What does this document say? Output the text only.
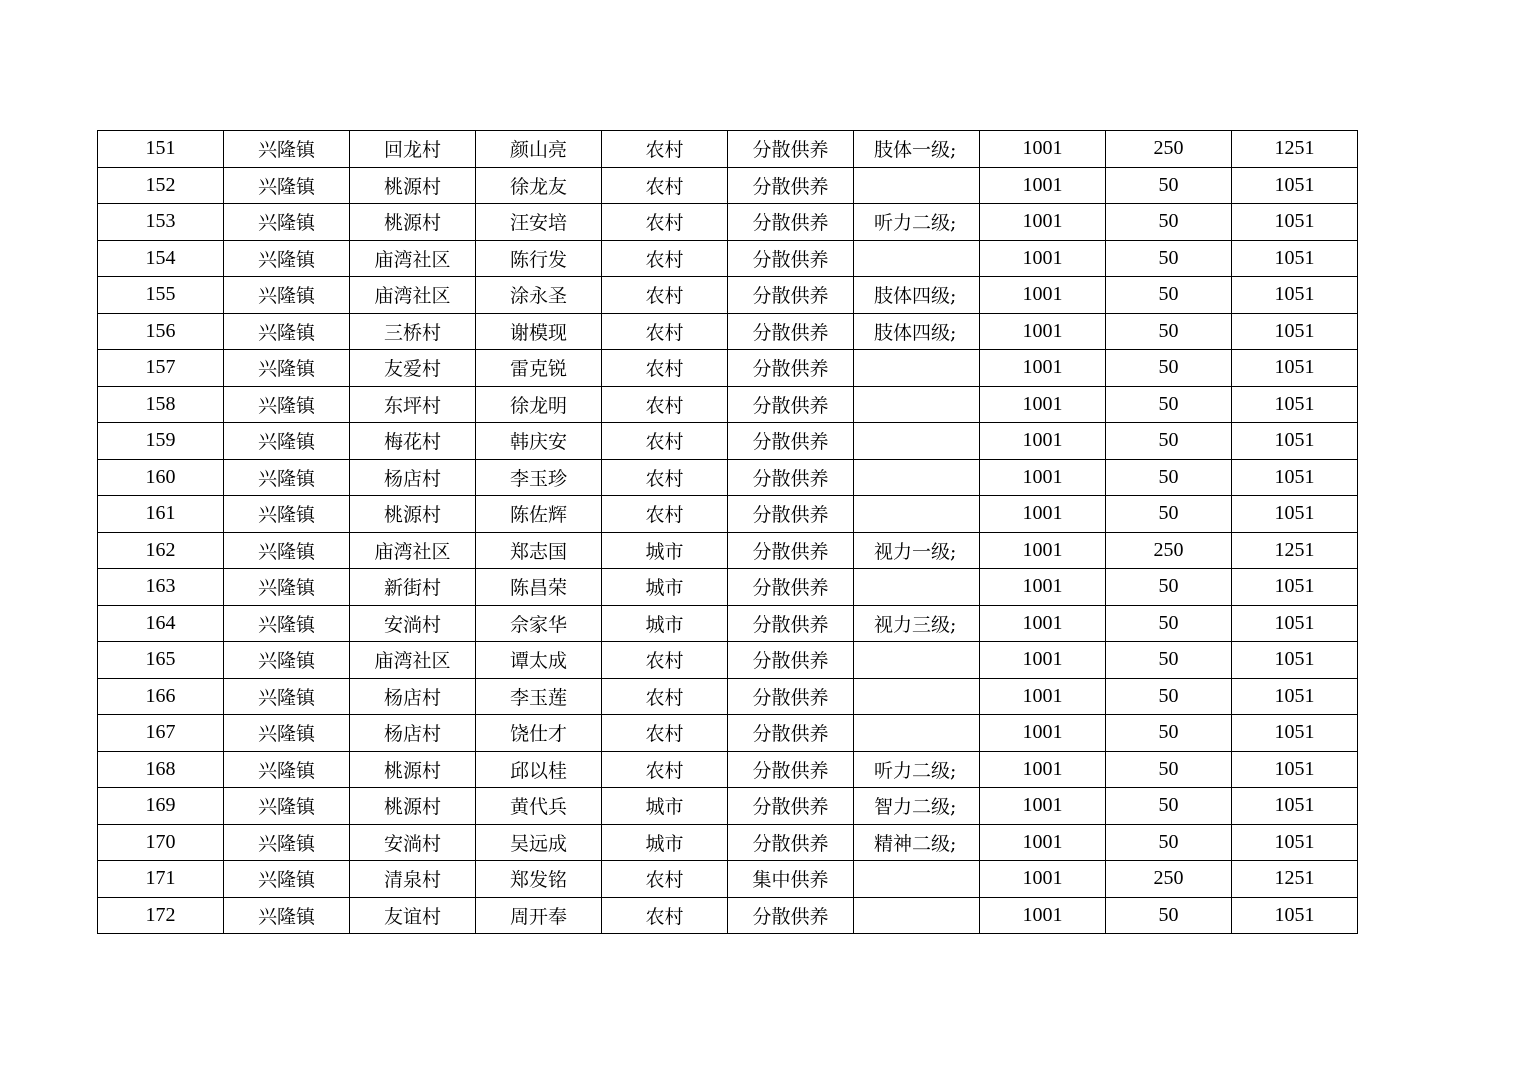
151	兴隆镇	回龙村	颜山亮	农村	分散供养	肢体一级;	1001	250	1251
152	兴隆镇	桃源村	徐龙友	农村	分散供养		1001	50	1051
153	兴隆镇	桃源村	汪安培	农村	分散供养	听力二级;	1001	50	1051
154	兴隆镇	庙湾社区	陈行发	农村	分散供养		1001	50	1051
155	兴隆镇	庙湾社区	涂永圣	农村	分散供养	肢体四级;	1001	50	1051
156	兴隆镇	三桥村	谢模现	农村	分散供养	肢体四级;	1001	50	1051
157	兴隆镇	友爱村	雷克锐	农村	分散供养		1001	50	1051
158	兴隆镇	东坪村	徐龙明	农村	分散供养		1001	50	1051
159	兴隆镇	梅花村	韩庆安	农村	分散供养		1001	50	1051
160	兴隆镇	杨店村	李玉珍	农村	分散供养		1001	50	1051
161	兴隆镇	桃源村	陈佐辉	农村	分散供养		1001	50	1051
162	兴隆镇	庙湾社区	郑志国	城市	分散供养	视力一级;	1001	250	1251
163	兴隆镇	新街村	陈昌荣	城市	分散供养		1001	50	1051
164	兴隆镇	安淌村	佘家华	城市	分散供养	视力三级;	1001	50	1051
165	兴隆镇	庙湾社区	谭太成	农村	分散供养		1001	50	1051
166	兴隆镇	杨店村	李玉莲	农村	分散供养		1001	50	1051
167	兴隆镇	杨店村	饶仕才	农村	分散供养		1001	50	1051
168	兴隆镇	桃源村	邱以桂	农村	分散供养	听力二级;	1001	50	1051
169	兴隆镇	桃源村	黄代兵	城市	分散供养	智力二级;	1001	50	1051
170	兴隆镇	安淌村	吴远成	城市	分散供养	精神二级;	1001	50	1051
171	兴隆镇	清泉村	郑发铭	农村	集中供养		1001	250	1251
172	兴隆镇	友谊村	周开奉	农村	分散供养		1001	50	1051
